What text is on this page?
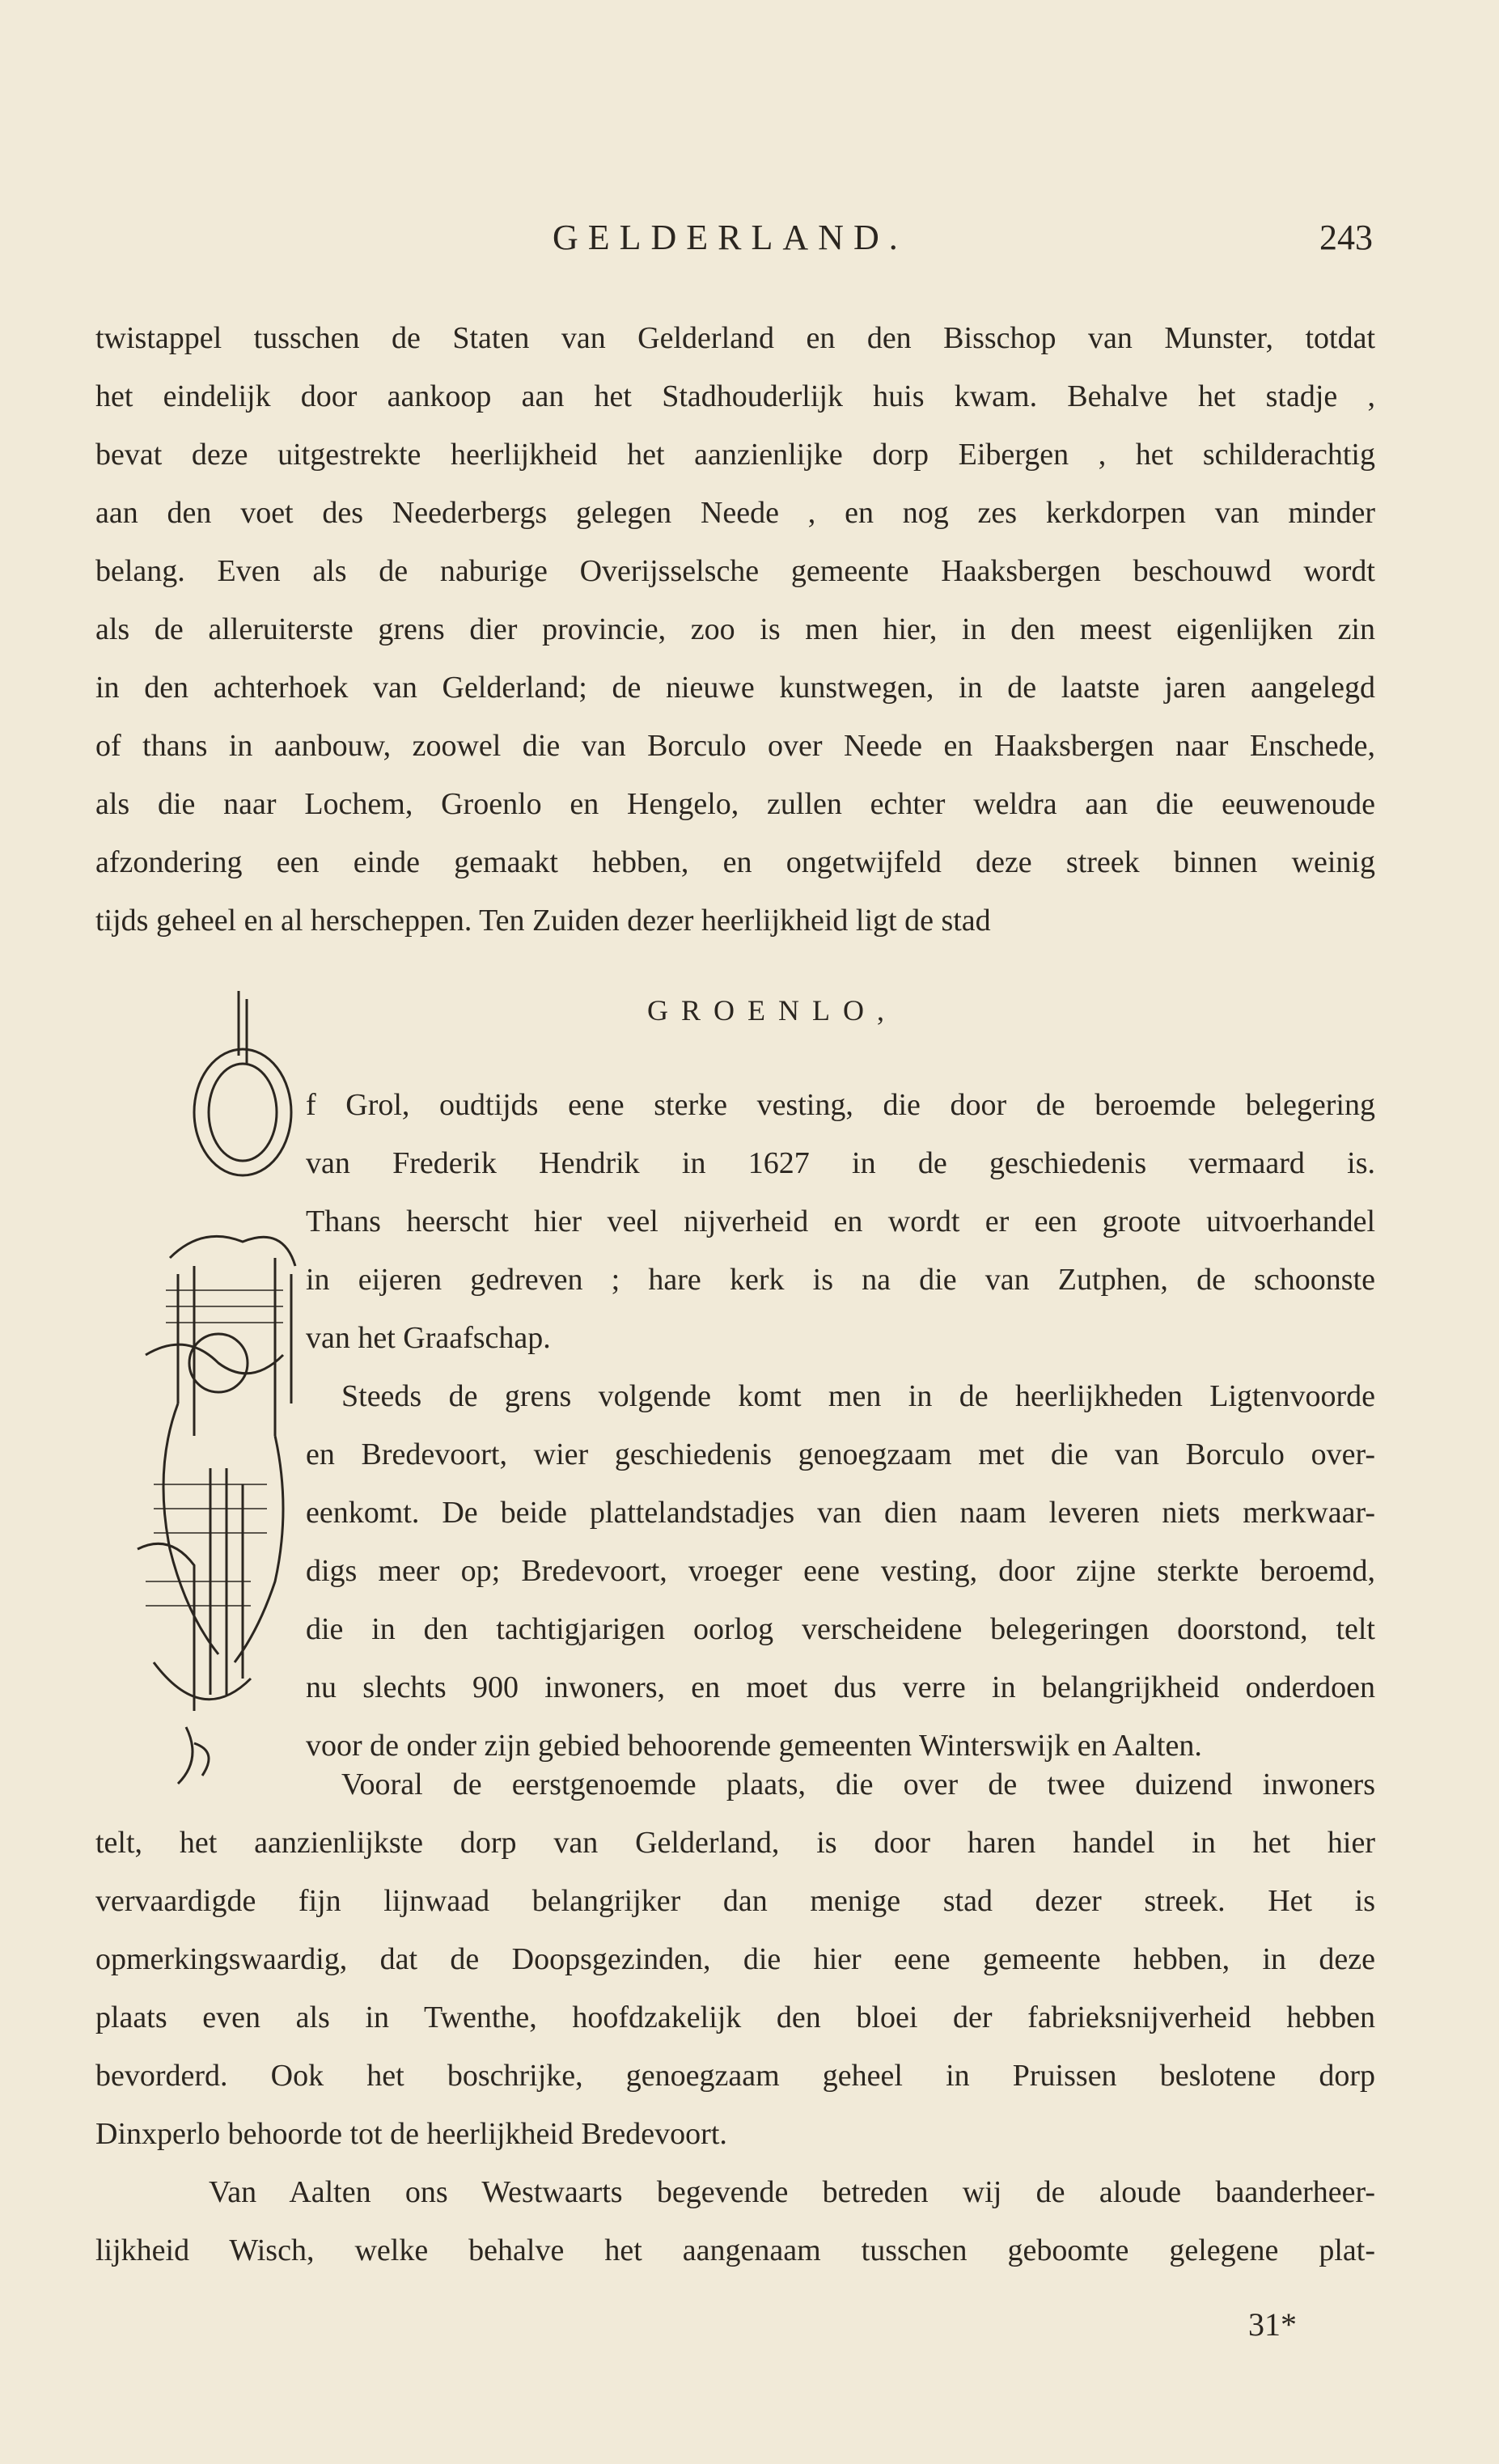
GELDERLAND.	243
twistappel tusschen de Staten van Gelderland en den Bisschop van Munster, totdat
het eindelijk door aankoop aan het Stadhouderlijk huis kwam. Behalve het stadje ,
bevat deze uitgestrekte heerlijkheid het aanzienlijke dorp Eibergen , het schilderachtig
aan den voet des Neederbergs gelegen Neede , en nog zes kerkdorpen van minder
belang. Even als de naburige Overijsselsche gemeente Haaksbergen beschouwd wordt
als de alleruiterste grens dier provincie, zoo is men hier, in den meest eigenlijken zin
in den achterhoek van Gelderland; de nieuwe kunstwegen, in de laatste jaren aangelegd
of thans in aanbouw, zoowel die van Borculo over Neede en Haaksbergen naar Enschede,
als die naar Lochem, Groenlo en Hengelo, zullen echter weldra aan die eeuwenoude
afzondering een einde gemaakt hebben, en ongetwijfeld deze streek binnen weinig
tijds geheel en al herscheppen. Ten Zuiden dezer heerlijkheid ligt de stad
GROENLO,
f Grol, oudtijds eene sterke vesting, die door de beroemde belegering
van Frederik Hendrik in 1627 in de geschiedenis vermaard is.
Thans heerscht hier veel nijverheid en wordt er een groote uitvoerhandel
in eijeren gedreven ; hare kerk is na die van Zutphen, de schoonste
van het Graafschap.
Steeds de grens volgende komt men in de heerlijkheden Ligtenvoorde
en Bredevoort, wier geschiedenis genoegzaam met die van Borculo over-
eenkomt. De beide plattelandstadjes van dien naam leveren niets merkwaar-
digs meer op; Bredevoort, vroeger eene vesting, door zijne sterkte beroemd,
die in den tachtigjarigen oorlog verscheidene belegeringen doorstond, telt
nu slechts 900 inwoners, en moet dus verre in belangrijkheid onderdoen
voor de onder zijn gebied behoorende gemeenten Winterswijk en Aalten.
Vooral de eerstgenoemde plaats, die over de twee duizend inwoners
telt, het aanzienlijkste dorp van Gelderland, is door haren handel in het hier
vervaardigde fijn lijnwaad belangrijker dan menige stad dezer streek. Het is
opmerkingswaardig, dat de Doopsgezinden, die hier eene gemeente hebben, in deze
plaats even als in Twenthe, hoofdzakelijk den bloei der fabrieksnijverheid hebben
bevorderd. Ook het boschrijke, genoegzaam geheel in Pruissen beslotene dorp
Dinxperlo behoorde tot de heerlijkheid Bredevoort.
Van Aalten ons Westwaarts begevende betreden wij de aloude baanderheer-
lijkheid Wisch, welke behalve het aangenaam tusschen geboomte gelegene plat-
31*
